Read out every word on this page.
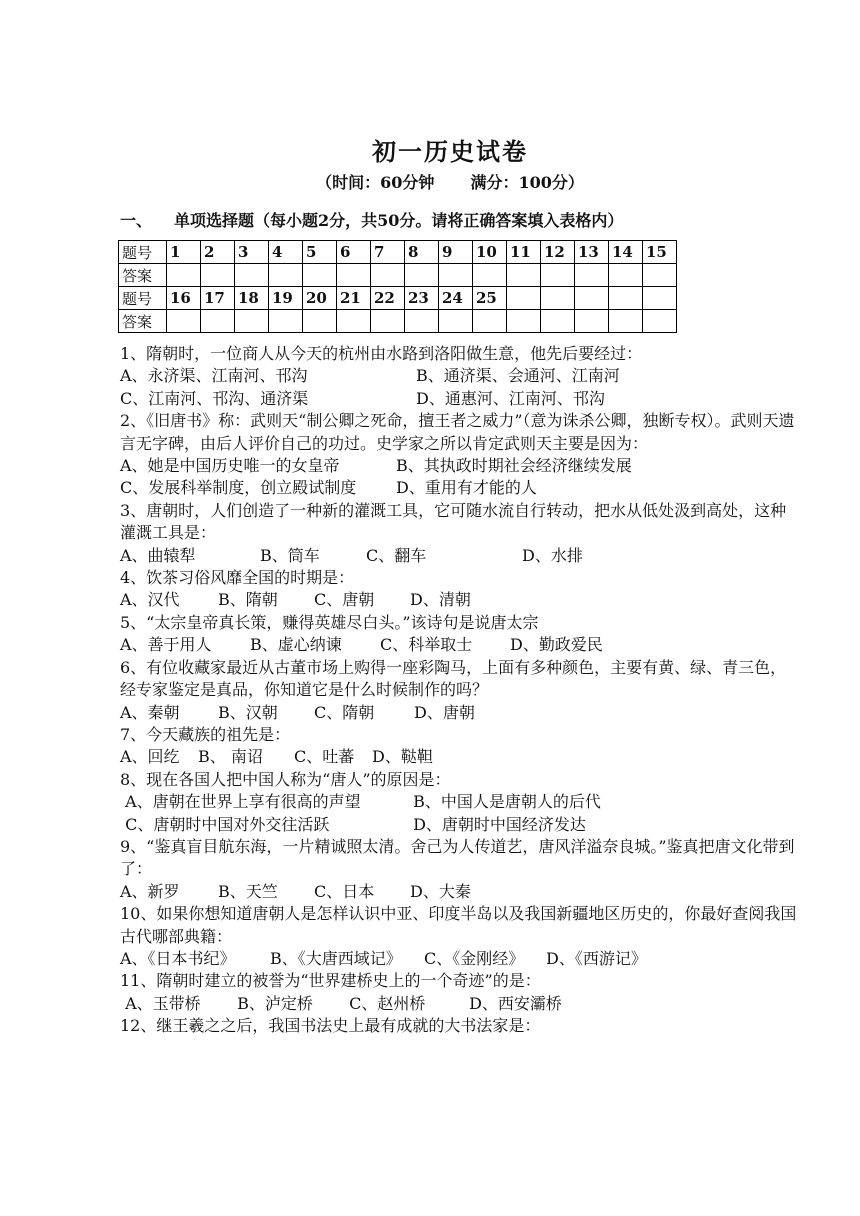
初一历史试卷
（时间：60分钟 满分：100分）
一、 单项选择题（每小题2分，共50分。请将正确答案填入表格内）
题号	1	2	3	4	5	6	7	8	9	10	11	12	13	14	15
答案															
题号	16	17	18	19	20	21	22	23	24	25					
答案															
1、隋朝时，一位商人从今天的杭州由水路到洛阳做生意，他先后要经过：
A、永济渠、江南河、邗沟	B、通济渠、会通河、江南河
C、江南河、邗沟、通济渠	D、通惠河、江南河、邗沟
2、《旧唐书》称：武则天“制公卿之死命，擅王者之威力”（意为诛杀公卿，独断专权）。武则天遗言无字碑，由后人评价自己的功过。史学家之所以肯定武则天主要是因为：
A、她是中国历史唯一的女皇帝	B、其执政时期社会经济继续发展
C、发展科举制度，创立殿试制度 D、重用有才能的人
3、唐朝时，人们创造了一种新的灌溉工具，它可随水流自行转动，把水从低处汲到高处，这种灌溉工具是：
A、曲辕犁	B、筒车	C、翻车	D、水排
4、饮茶习俗风靡全国的时期是：
A、汉代 B、隋朝 C、唐朝 D、清朝
5、“太宗皇帝真长策，赚得英雄尽白头。”该诗句是说唐太宗
A、善于用人 B、虚心纳谏 C、科举取士 D、勤政爱民
6、有位收藏家最近从古董市场上购得一座彩陶马，上面有多种颜色，主要有黄、绿、青三色，经专家鉴定是真品，你知道它是什么时候制作的吗？
A、秦朝 B、汉朝 C、隋朝 D、唐朝
7、今天藏族的祖先是：
A、回纥 B、 南诏 C、吐蕃 D、鞑靼
8、现在各国人把中国人称为“唐人”的原因是：
A、唐朝在世界上享有很高的声望	B、中国人是唐朝人的后代
C、唐朝时中国对外交往活跃	D、唐朝时中国经济发达
9、“鉴真盲目航东海，一片精诚照太清。舍己为人传道艺，唐风洋溢奈良城。”鉴真把唐文化带到了：
A、新罗 B、天竺 C、日本 D、大秦
10、如果你想知道唐朝人是怎样认识中亚、印度半岛以及我国新疆地区历史的，你最好查阅我国古代哪部典籍：
A、《日本书纪》 B、《大唐西域记》 C、《金刚经》 D、《西游记》
11、隋朝时建立的被誉为“世界建桥史上的一个奇迹”的是：
A、玉带桥 B、泸定桥 C、赵州桥	D、西安灞桥
12、继王羲之之后，我国书法史上最有成就的大书法家是：
